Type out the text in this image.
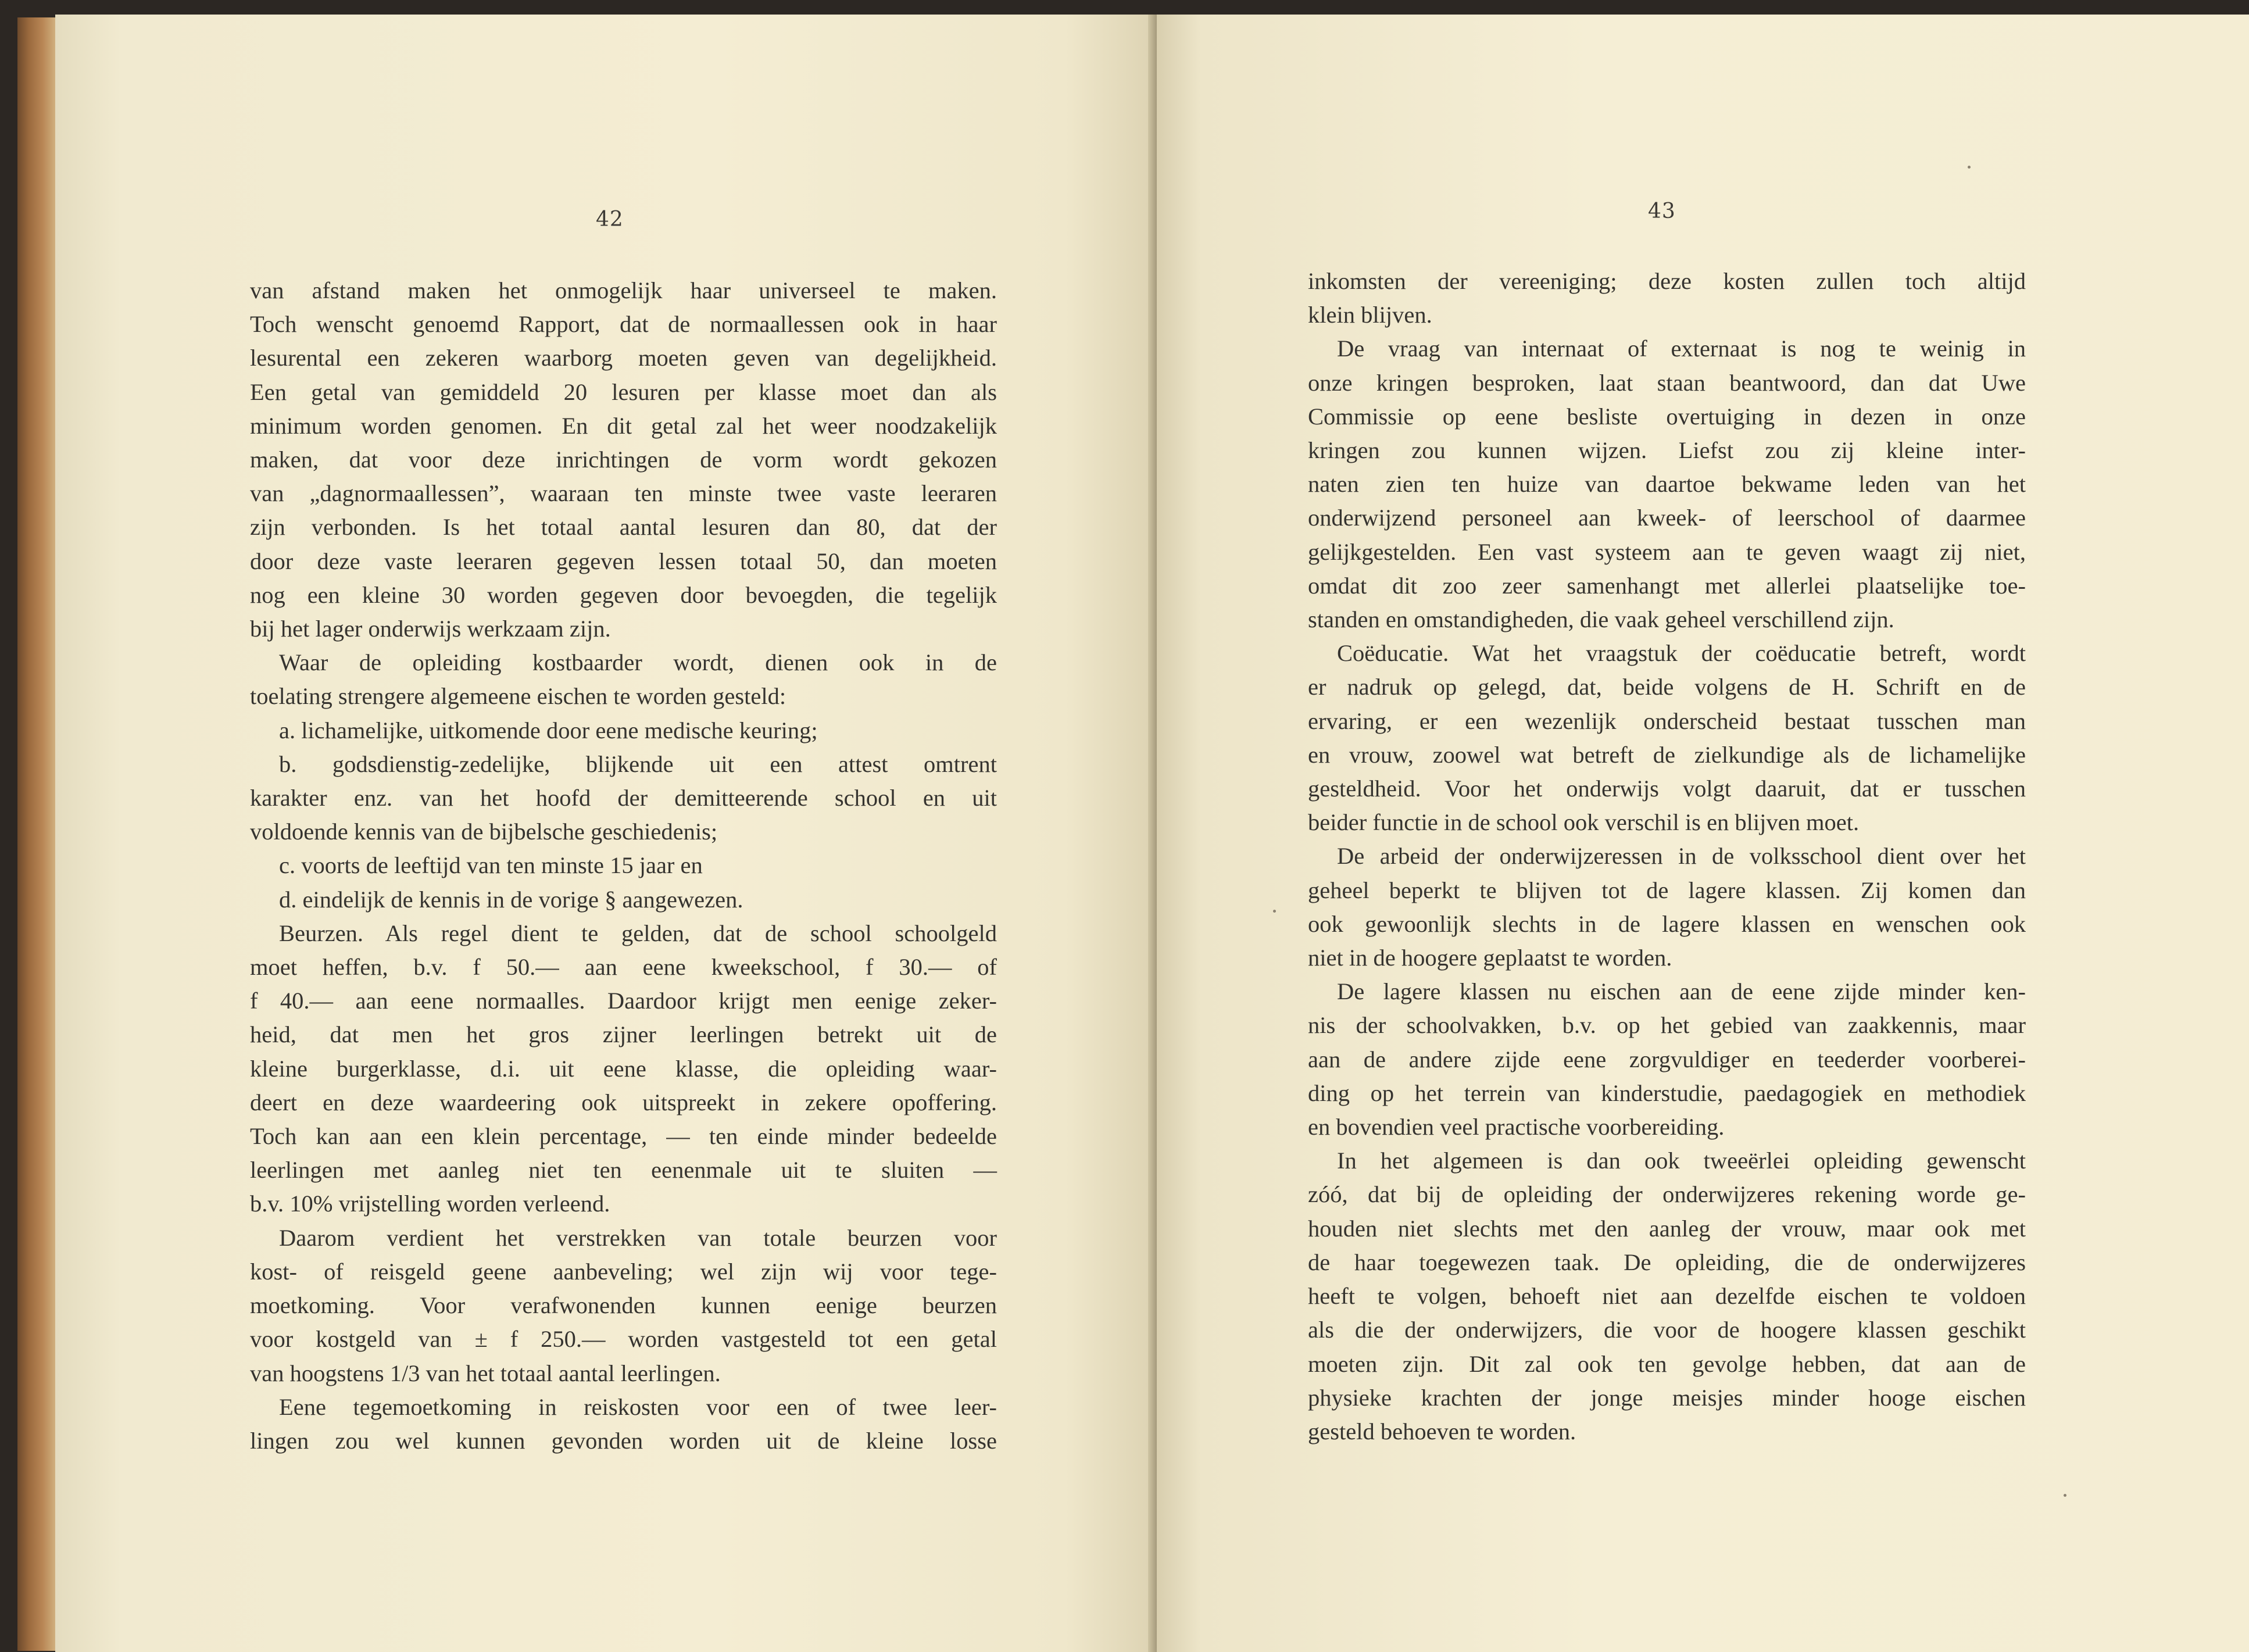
42
van afstand maken het onmogelijk haar universeel te maken.
Toch wenscht genoemd Rapport, dat de normaallessen ook in haar
lesurental een zekeren waarborg moeten geven van degelijkheid.
Een getal van gemiddeld 20 lesuren per klasse moet dan als
minimum worden genomen. En dit getal zal het weer noodzakelijk
maken, dat voor deze inrichtingen de vorm wordt gekozen
van „dagnormaallessen”, waaraan ten minste twee vaste leeraren
zijn verbonden. Is het totaal aantal lesuren dan 80, dat der
door deze vaste leeraren gegeven lessen totaal 50, dan moeten
nog een kleine 30 worden gegeven door bevoegden, die tegelijk
bij het lager onderwijs werkzaam zijn.
Waar de opleiding kostbaarder wordt, dienen ook in de
toelating strengere algemeene eischen te worden gesteld:
a. lichamelijke, uitkomende door eene medische keuring;
b. godsdienstig-zedelijke, blijkende uit een attest omtrent
karakter enz. van het hoofd der demitteerende school en uit
voldoende kennis van de bijbelsche geschiedenis;
c. voorts de leeftijd van ten minste 15 jaar en
d. eindelijk de kennis in de vorige § aangewezen.
Beurzen. Als regel dient te gelden, dat de school schoolgeld
moet heffen, b.v. f 50.— aan eene kweekschool, f 30.— of
f 40.— aan eene normaalles. Daardoor krijgt men eenige zeker-
heid, dat men het gros zijner leerlingen betrekt uit de
kleine burgerklasse, d.i. uit eene klasse, die opleiding waar-
deert en deze waardeering ook uitspreekt in zekere opoffering.
Toch kan aan een klein percentage, — ten einde minder bedeelde
leerlingen met aanleg niet ten eenenmale uit te sluiten —
b.v. 10% vrijstelling worden verleend.
Daarom verdient het verstrekken van totale beurzen voor
kost- of reisgeld geene aanbeveling; wel zijn wij voor tege-
moetkoming. Voor verafwonenden kunnen eenige beurzen
voor kostgeld van ± f 250.— worden vastgesteld tot een getal
van hoogstens 1/3 van het totaal aantal leerlingen.
Eene tegemoetkoming in reiskosten voor een of twee leer-
lingen zou wel kunnen gevonden worden uit de kleine losse
43
inkomsten der vereeniging; deze kosten zullen toch altijd
klein blijven.
De vraag van internaat of externaat is nog te weinig in
onze kringen besproken, laat staan beantwoord, dan dat Uwe
Commissie op eene besliste overtuiging in dezen in onze
kringen zou kunnen wijzen. Liefst zou zij kleine inter-
naten zien ten huize van daartoe bekwame leden van het
onderwijzend personeel aan kweek- of leerschool of daarmee
gelijkgestelden. Een vast systeem aan te geven waagt zij niet,
omdat dit zoo zeer samenhangt met allerlei plaatselijke toe-
standen en omstandigheden, die vaak geheel verschillend zijn.
Coëducatie. Wat het vraagstuk der coëducatie betreft, wordt
er nadruk op gelegd, dat, beide volgens de H. Schrift en de
ervaring, er een wezenlijk onderscheid bestaat tusschen man
en vrouw, zoowel wat betreft de zielkundige als de lichamelijke
gesteldheid. Voor het onderwijs volgt daaruit, dat er tusschen
beider functie in de school ook verschil is en blijven moet.
De arbeid der onderwijzeressen in de volksschool dient over het
geheel beperkt te blijven tot de lagere klassen. Zij komen dan
ook gewoonlijk slechts in de lagere klassen en wenschen ook
niet in de hoogere geplaatst te worden.
De lagere klassen nu eischen aan de eene zijde minder ken-
nis der schoolvakken, b.v. op het gebied van zaakkennis, maar
aan de andere zijde eene zorgvuldiger en teederder voorberei-
ding op het terrein van kinderstudie, paedagogiek en methodiek
en bovendien veel practische voorbereiding.
In het algemeen is dan ook tweeërlei opleiding gewenscht
zóó, dat bij de opleiding der onderwijzeres rekening worde ge-
houden niet slechts met den aanleg der vrouw, maar ook met
de haar toegewezen taak. De opleiding, die de onderwijzeres
heeft te volgen, behoeft niet aan dezelfde eischen te voldoen
als die der onderwijzers, die voor de hoogere klassen geschikt
moeten zijn. Dit zal ook ten gevolge hebben, dat aan de
physieke krachten der jonge meisjes minder hooge eischen
gesteld behoeven te worden.
